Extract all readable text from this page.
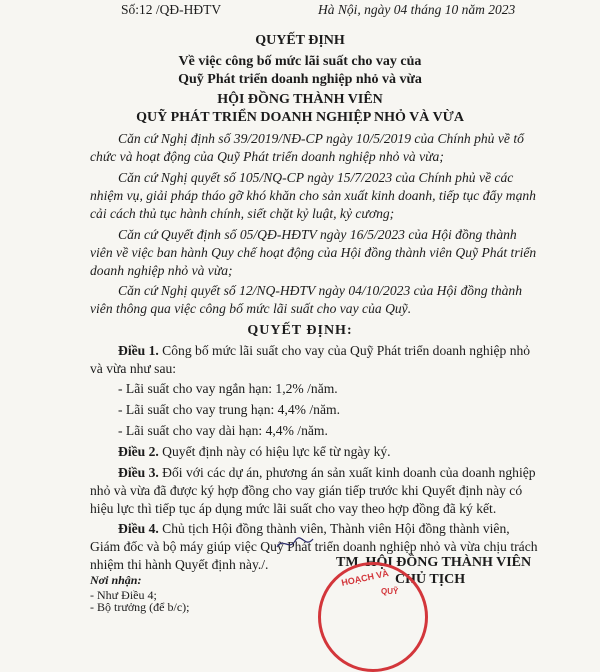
Số:12 /QĐ-HĐTV	Hà Nội, ngày 04 tháng 10 năm 2023
QUYẾT ĐỊNH
Về việc công bố mức lãi suất cho vay của
Quỹ Phát triển doanh nghiệp nhỏ và vừa
HỘI ĐỒNG THÀNH VIÊN
QUỸ PHÁT TRIỂN DOANH NGHIỆP NHỎ VÀ VỪA
Căn cứ Nghị định số 39/2019/NĐ-CP ngày 10/5/2019 của Chính phủ về tổ
chức và hoạt động của Quỹ Phát triển doanh nghiệp nhỏ và vừa;
Căn cứ Nghị quyết số 105/NQ-CP ngày 15/7/2023 của Chính phủ về các
nhiệm vụ, giải pháp tháo gỡ khó khăn cho sản xuất kinh doanh, tiếp tục đẩy mạnh
cải cách thủ tục hành chính, siết chặt kỷ luật, kỷ cương;
Căn cứ Quyết định số 05/QĐ-HĐTV ngày 16/5/2023 của Hội đồng thành
viên về việc ban hành Quy chế hoạt động của Hội đồng thành viên Quỹ Phát triển
doanh nghiệp nhỏ và vừa;
Căn cứ Nghị quyết số 12/NQ-HĐTV ngày 04/10/2023 của Hội đồng thành
viên thông qua việc công bố mức lãi suất cho vay của Quỹ.
QUYẾT ĐỊNH:
Điều 1. Công bố mức lãi suất cho vay của Quỹ Phát triển doanh nghiệp nhỏ
và vừa như sau:
- Lãi suất cho vay ngắn hạn: 1,2% /năm.
- Lãi suất cho vay trung hạn: 4,4% /năm.
- Lãi suất cho vay dài hạn: 4,4% /năm.
Điều 2. Quyết định này có hiệu lực kể từ ngày ký.
Điều 3. Đối với các dự án, phương án sản xuất kinh doanh của doanh nghiệp
nhỏ và vừa đã được ký hợp đồng cho vay gián tiếp trước khi Quyết định này có
hiệu lực thì tiếp tục áp dụng mức lãi suất cho vay theo hợp đồng đã ký kết.
Điều 4. Chủ tịch Hội đồng thành viên, Thành viên Hội đồng thành viên,
Giám đốc và bộ máy giúp việc Quỹ Phát triển doanh nghiệp nhỏ và vừa chịu trách
nhiệm thi hành Quyết định này./.
Nơi nhận:
- Như Điều 4;
- Bộ trưởng (để b/c);
TM. HỘI ĐỒNG THÀNH VIÊN
CHỦ TỊCH
HOẠCH VÀ
QUỸ
